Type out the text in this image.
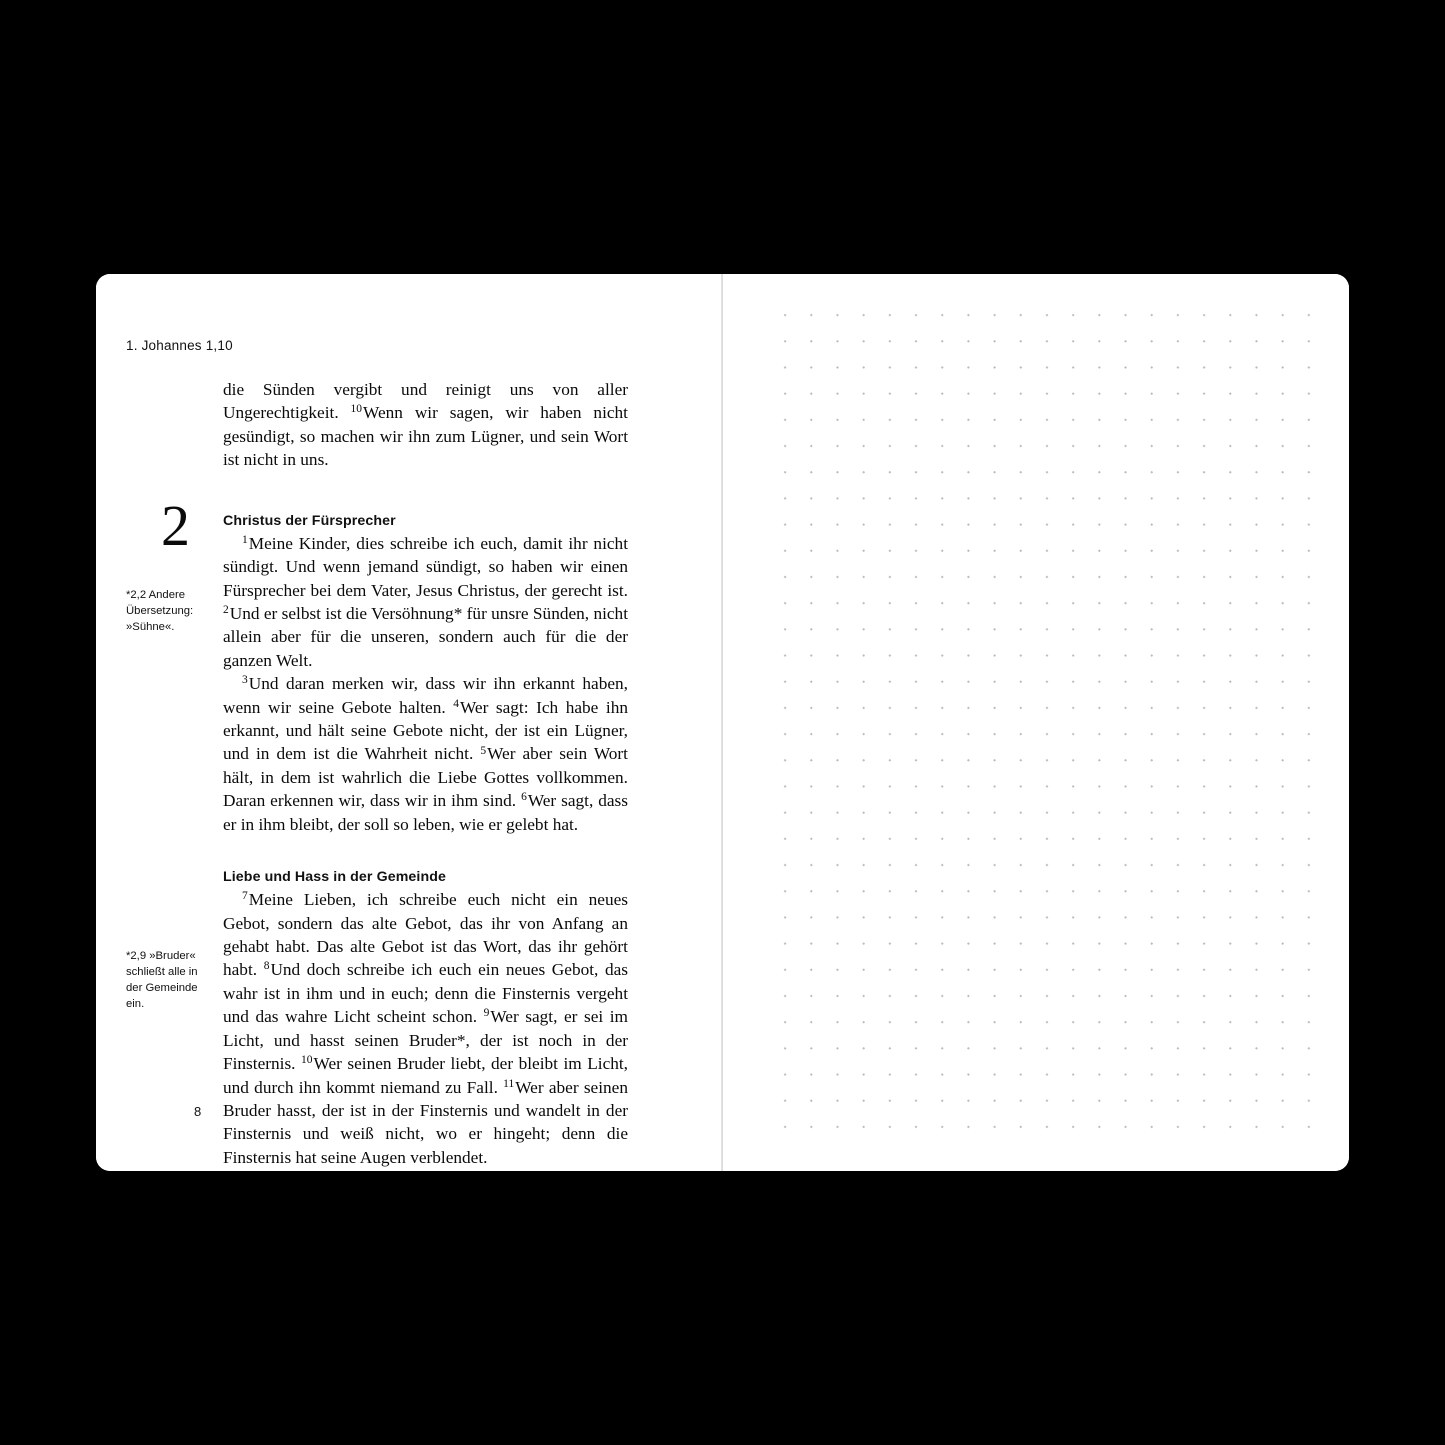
1. Johannes 1,10

die Sünden vergibt und reinigt uns von aller Ungerechtigkeit. $^{10}$Wenn wir sagen, wir haben nicht gesündigt, so machen wir ihn zum Lügner, und sein Wort ist nicht in uns.

2 Christus der Fürsprecher

$^1$Meine Kinder, dies schreibe ich euch, damit ihr nicht sündigt. Und wenn jemand sündigt, so haben wir einen Fürsprecher bei dem Vater, Jesus Christus, der gerecht ist. $^2$Und er selbst ist die Versöhnung* für unsre Sünden, nicht allein aber für die unseren, sondern auch für die der ganzen Welt.

$^3$Und daran merken wir, dass wir ihn erkannt haben, wenn wir seine Gebote halten. $^4$Wer sagt: Ich habe ihn erkannt, und hält seine Gebote nicht, der ist ein Lügner, und in dem ist die Wahrheit nicht. $^5$Wer aber sein Wort hält, in dem ist wahrlich die Liebe Gottes vollkommen. Daran erkennen wir, dass wir in ihm sind. $^6$Wer sagt, dass er in ihm bleibt, der soll so leben, wie er gelebt hat.

Liebe und Hass in der Gemeinde

$^7$Meine Lieben, ich schreibe euch nicht ein neues Gebot, sondern das alte Gebot, das ihr von Anfang an gehabt habt. Das alte Gebot ist das Wort, das ihr gehört habt. $^8$Und doch schreibe ich euch ein neues Gebot, das wahr ist in ihm und in euch; denn die Finsternis vergeht und das wahre Licht scheint schon. $^9$Wer sagt, er sei im Licht, und hasst seinen Bruder*, der ist noch in der Finsternis. $^{10}$Wer seinen Bruder liebt, der bleibt im Licht, und durch ihn kommt niemand zu Fall. $^{11}$Wer aber seinen Bruder hasst, der ist in der Finsternis und wandelt in der Finsternis und weiß nicht, wo er hingeht; denn die Finsternis hat seine Augen verblendet.

*2,2 Andere Übersetzung: »Sühne«.
*2,9 »Bruder« schließt alle in der Gemeinde ein.
8
